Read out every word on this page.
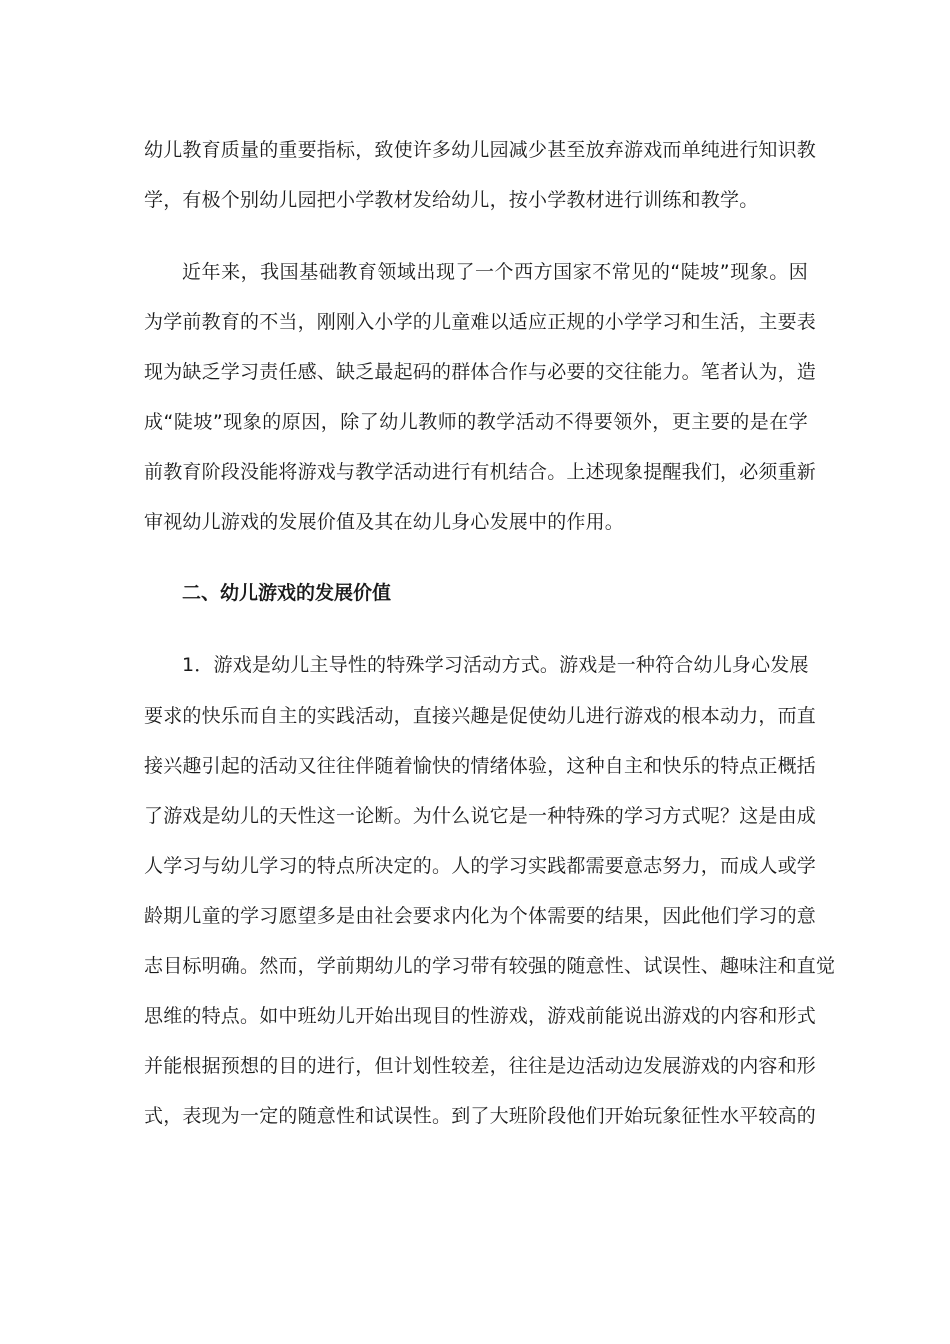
幼儿教育质量的重要指标，致使许多幼儿园减少甚至放弃游戏而单纯进行知识教
学，有极个别幼儿园把小学教材发给幼儿，按小学教材进行训练和教学。
近年来，我国基础教育领域出现了一个西方国家不常见的“陡坡”现象。因
为学前教育的不当，刚刚入小学的儿童难以适应正规的小学学习和生活，主要表
现为缺乏学习责任感、缺乏最起码的群体合作与必要的交往能力。笔者认为，造
成“陡坡”现象的原因，除了幼儿教师的教学活动不得要领外，更主要的是在学
前教育阶段没能将游戏与教学活动进行有机结合。上述现象提醒我们，必须重新
审视幼儿游戏的发展价值及其在幼儿身心发展中的作用。
二、幼儿游戏的发展价值
1．游戏是幼儿主导性的特殊学习活动方式。游戏是一种符合幼儿身心发展
要求的快乐而自主的实践活动，直接兴趣是促使幼儿进行游戏的根本动力，而直
接兴趣引起的活动又往往伴随着愉快的情绪体验，这种自主和快乐的特点正概括
了游戏是幼儿的天性这一论断。为什么说它是一种特殊的学习方式呢？这是由成
人学习与幼儿学习的特点所决定的。人的学习实践都需要意志努力，而成人或学
龄期儿童的学习愿望多是由社会要求内化为个体需要的结果，因此他们学习的意
志目标明确。然而，学前期幼儿的学习带有较强的随意性、试误性、趣味注和直觉
思维的特点。如中班幼儿开始出现目的性游戏，游戏前能说出游戏的内容和形式
并能根据预想的目的进行，但计划性较差，往往是边活动边发展游戏的内容和形
式，表现为一定的随意性和试误性。到了大班阶段他们开始玩象征性水平较高的
